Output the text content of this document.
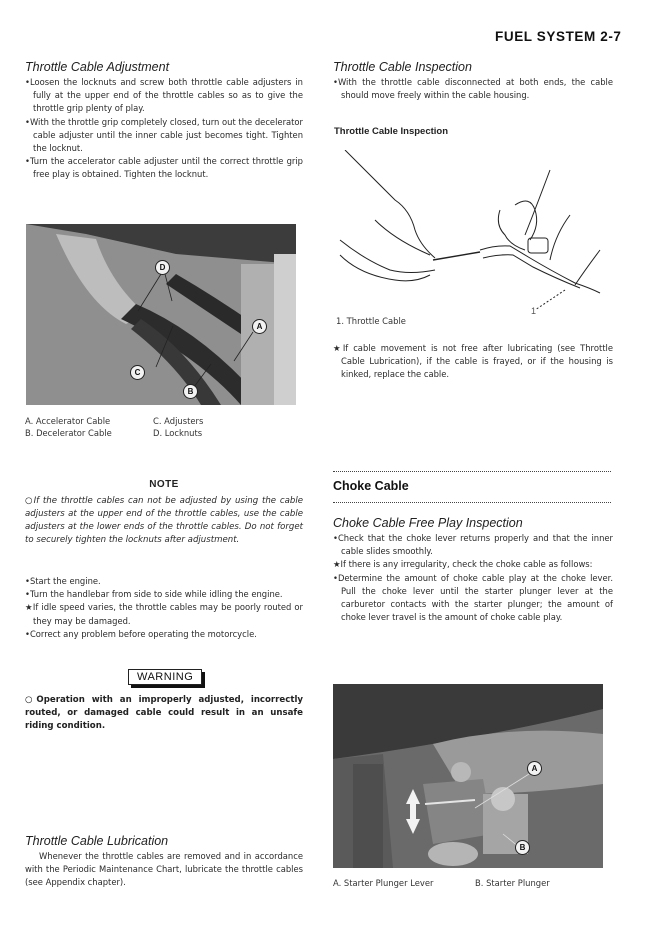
FUEL SYSTEM 2-7
Throttle Cable Adjustment

•Loosen the locknuts and screw both throttle cable adjusters in fully at the upper end of the throttle cables so as to give the throttle grip plenty of play.

•With the throttle grip completely closed, turn out the decelerator cable adjuster until the inner cable just becomes tight. Tighten the locknut.

•Turn the accelerator cable adjuster until the correct throttle grip free play is obtained. Tighten the locknut.

D
C
B
A
A. Accelerator Cable	C. Adjusters
B. Decelerator Cable	D. Locknuts
NOTE
○If the throttle cables can not be adjusted by using the cable adjusters at the upper end of the throttle cables, use the cable adjusters at the lower ends of the throttle cables. Do not forget to securely tighten the locknuts after adjustment.

•Start the engine.

•Turn the handlebar from side to side while idling the engine.

★If idle speed varies, the throttle cables may be poorly routed or they may be damaged.

•Correct any problem before operating the motorcycle.

WARNING
○Operation with an improperly adjusted, incorrectly routed, or damaged cable could result in an unsafe riding condition.
Throttle Cable Lubrication
Whenever the throttle cables are removed and in accordance with the Periodic Maintenance Chart, lubricate the throttle cables (see Appendix chapter).
Throttle Cable Inspection

•With the throttle cable disconnected at both ends, the cable should move freely within the cable housing.

Throttle Cable Inspection
1
1. Throttle Cable

★If cable movement is not free after lubricating (see Throttle Cable Lubrication), if the cable is frayed, or if the housing is kinked, replace the cable.

Choke Cable
Choke Cable Free Play Inspection

•Check that the choke lever returns properly and that the inner cable slides smoothly.

★If there is any irregularity, check the choke cable as follows:

•Determine the amount of choke cable play at the choke lever. Pull the choke lever until the starter plunger lever at the carburetor contacts with the starter plunger; the amount of choke lever travel is the amount of choke cable play.

A
B
A. Starter Plunger Lever	B. Starter Plunger
